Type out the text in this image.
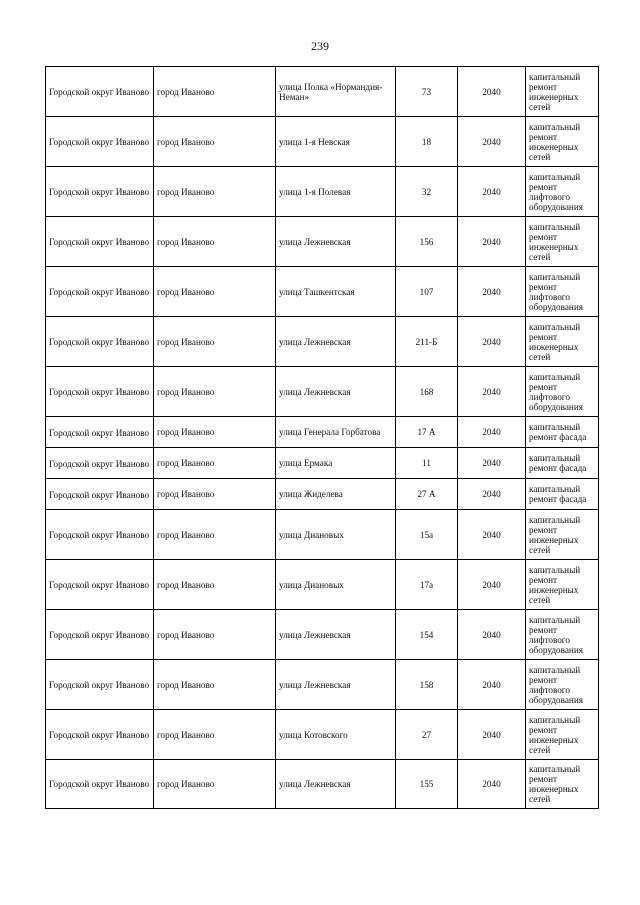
239
Городской округ Иваново	город Иваново	улица Полка «Нормандия-Неман»	73	2040	капитальный ремонт инженерных сетей
Городской округ Иваново	город Иваново	улица 1-я Невская	18	2040	капитальный ремонт инженерных сетей
Городской округ Иваново	город Иваново	улица 1-я Полевая	32	2040	капитальный ремонт лифтового оборудования
Городской округ Иваново	город Иваново	улица Лежневская	156	2040	капитальный ремонт инженерных сетей
Городской округ Иваново	город Иваново	улица Ташкентская	107	2040	капитальный ремонт лифтового оборудования
Городской округ Иваново	город Иваново	улица Лежневская	211-Б	2040	капитальный ремонт инженерных сетей
Городской округ Иваново	город Иваново	улица Лежневская	168	2040	капитальный ремонт лифтового оборудования
Городской округ Иваново	город Иваново	улица Генерала Горбатова	17 А	2040	капитальный ремонт фасада
Городской округ Иваново	город Иваново	улица Ермака	11	2040	капитальный ремонт фасада
Городской округ Иваново	город Иваново	улица Жиделева	27 А	2040	капитальный ремонт фасада
Городской округ Иваново	город Иваново	улица Диановых	15а	2040	капитальный ремонт инженерных сетей
Городской округ Иваново	город Иваново	улица Диановых	17а	2040	капитальный ремонт инженерных сетей
Городской округ Иваново	город Иваново	улица Лежневская	154	2040	капитальный ремонт лифтового оборудования
Городской округ Иваново	город Иваново	улица Лежневская	158	2040	капитальный ремонт лифтового оборудования
Городской округ Иваново	город Иваново	улица Котовского	27	2040	капитальный ремонт инженерных сетей
Городской округ Иваново	город Иваново	улица Лежневская	155	2040	капитальный ремонт инженерных сетей
